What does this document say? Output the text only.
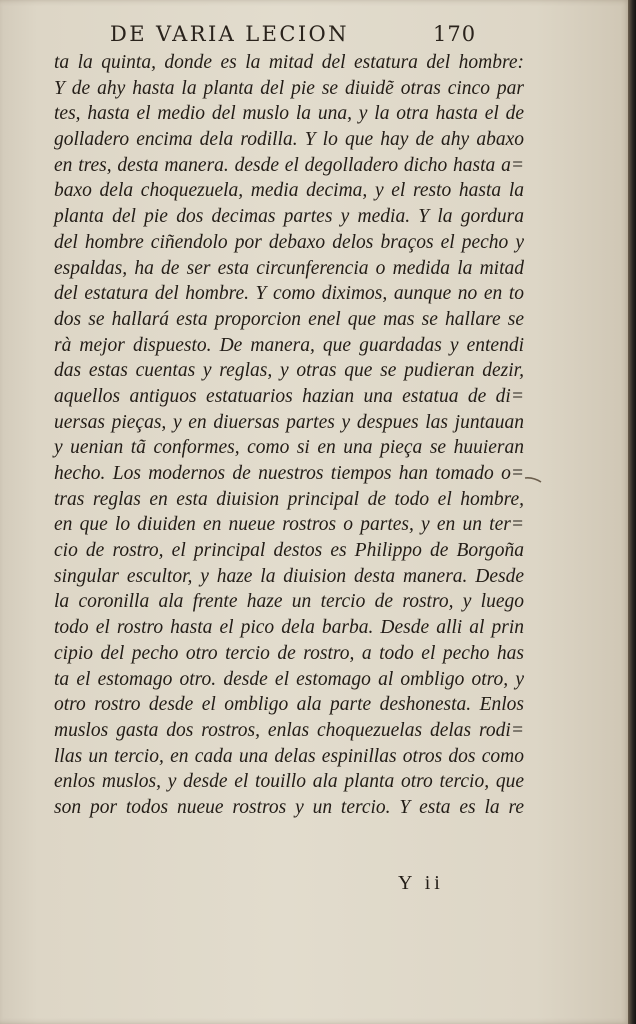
DE VARIA LECION	170
ta la quinta, donde es la mitad del estatura del hombre:
Y de ahy hasta la planta del pie se diuidẽ otras cinco par
tes, hasta el medio del muslo la una, y la otra hasta el de
golladero encima dela rodilla. Y lo que hay de ahy abaxo
en tres, desta manera. desde el degolladero dicho hasta a=
baxo dela choquezuela, media decima, y el resto hasta la
planta del pie dos decimas partes y media. Y la gordura
del hombre ciñendolo por debaxo delos braços el pecho y
espaldas, ha de ser esta circunferencia o medida la mitad
del estatura del hombre. Y como diximos, aunque no en to
dos se hallará esta proporcion enel que mas se hallare se
rà mejor dispuesto. De manera, que guardadas y entendi
das estas cuentas y reglas, y otras que se pudieran dezir,
aquellos antiguos estatuarios hazian una estatua de di=
uersas pieças, y en diuersas partes y despues las juntauan
y uenian tã conformes, como si en una pieça se huuieran
hecho. Los modernos de nuestros tiempos han tomado o=
tras reglas en esta diuision principal de todo el hombre,
en que lo diuiden en nueue rostros o partes, y en un ter=
cio de rostro, el principal destos es Philippo de Borgoña
singular escultor, y haze la diuision desta manera. Desde
la coronilla ala frente haze un tercio de rostro, y luego
todo el rostro hasta el pico dela barba. Desde alli al prin
cipio del pecho otro tercio de rostro, a todo el pecho has
ta el estomago otro. desde el estomago al ombligo otro, y
otro rostro desde el ombligo ala parte deshonesta. Enlos
muslos gasta dos rostros, enlas choquezuelas delas rodi=
llas un tercio, en cada una delas espinillas otros dos como
enlos muslos, y desde el touillo ala planta otro tercio, que
son por todos nueue rostros y un tercio. Y esta es la re
Y ii
